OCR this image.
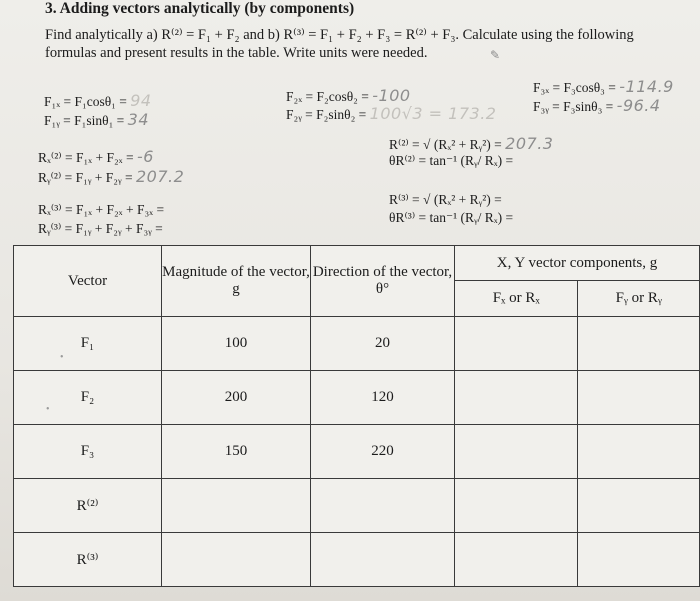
3. Adding vectors analytically (by components)
Find analytically a) R⁽²⁾ = F₁ + F₂ and b) R⁽³⁾ = F₁ + F₂ + F₃ = R⁽²⁾ + F₃. Calculate using the following
formulas and present results in the table. Write units were needed.	✎
F₁ₓ = F₁cosθ₁ = 94
F₁ᵧ = F₁sinθ₁ = 34
F₂ₓ = F₂cosθ₂ = -100
F₂ᵧ = F₂sinθ₂ = 100√3 = 173.2
F₃ₓ = F₃cosθ₃ = -114.9
F₃ᵧ = F₃sinθ₃ = -96.4
Rₓ⁽²⁾ = F₁ₓ + F₂ₓ = -6
Rᵧ⁽²⁾ = F₁ᵧ + F₂ᵧ = 207.2
R⁽²⁾ = √ (Rₓ² + Rᵧ²) = 207.3
θR⁽²⁾ = tan⁻¹ (Rᵧ/ Rₓ) =
Rₓ⁽³⁾ = F₁ₓ + F₂ₓ + F₃ₓ =
Rᵧ⁽³⁾ = F₁ᵧ + F₂ᵧ + F₃ᵧ =
R⁽³⁾ = √ (Rₓ² + Rᵧ²) =
θR⁽³⁾ = tan⁻¹ (Rᵧ/ Rₓ) =
Vector	Magnitude of the vector, g	Direction of the vector, θ°	X, Y vector components, g	
			Fₓ or Rₓ	Fᵧ or Rᵧ
F₁	100	20		
F₂	200	120		
F₃	150	220		
R⁽²⁾				
R⁽³⁾				
•
•
